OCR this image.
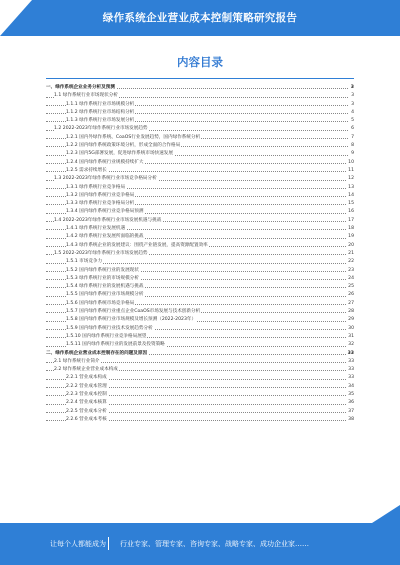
绿作系统企业营业成本控制策略研究报告
内容目录
一、绿作系统企业业务分析及预测	3
1.1 绿作系统行业市场现状分析	3
1.1.1 绿作系统行业市场规模分析	3
1.1.2 绿作系统行业市场结构分析	4
1.1.3 绿作系统行业市场发展分析	5
1.2 2022-2023年绿作系统行业市场发展趋势	6
1.2.1 国内外绿作系统、CoaOS行业发展趋势，国内绿作系统分析	7
1.2.2 国内绿作系统政策环境分析，形成全面的合作格局	8
1.2.3 国内5G部署发展，促进绿作系统市场快速发展	9
1.2.4 国内绿作系统行业规模持续扩大	10
1.2.5 需求持续增长	11
1.3 2022-2023年绿作系统行业市场竞争格局分析	12
1.3.1 绿作系统行业竞争格局	13
1.3.2 国内绿作系统行业竞争格局	14
1.3.3 绿作系统行业竞争格局分析	15
1.3.4 国内绿作系统行业竞争格局预测	16
1.4 2022-2023年绿作系统行业市场发展机遇与挑战	17
1.4.1 绿作系统行业发展机遇	18
1.4.2 绿作系统行业发展所面临的挑战	19
1.4.3 绿作系统企业的发展建议：围绕产业链发展，提高资源配置效率	20
1.5 2022-2023年绿作系统行业市场发展趋势	21
1.5.1 市场竞争力	22
1.5.2 国内绿作系统行业的发展现状	23
1.5.3 绿作系统行业的市场规模分析	24
1.5.4 绿作系统行业的发展机遇与挑战	25
1.5.5 国内绿作系统行业市场规模分析	26
1.5.6 国内绿作系统市场竞争格局	27
1.5.7 国内绿作系统行业重点企业CoaOS市场发展与技术创新分析	28
1.5.8 国内绿作系统行业市场规模及增长预测（2022-2023年）	29
1.5.9 国内绿作系统行业技术发展趋势分析	30
1.5.10 国内绿作系统行业竞争格局展望	31
1.5.11 国内绿作系统行业的发展前景及投资策略	32
二、绿作系统企业营业成本控制存在的问题及原因	33
2.1 绿作系统行业简介	33
2.2 绿作系统企业营业成本构成	33
2.2.1 营业成本构成	33
2.2.2 营业成本管理	34
2.2.3 营业成本控制	35
2.2.4 营业成本核算	36
2.2.5 营业成本分析	37
2.2.6 营业成本考核	38
让每个人都能成为 行业专家、管理专家、咨询专家、战略专家、成功企业家……
